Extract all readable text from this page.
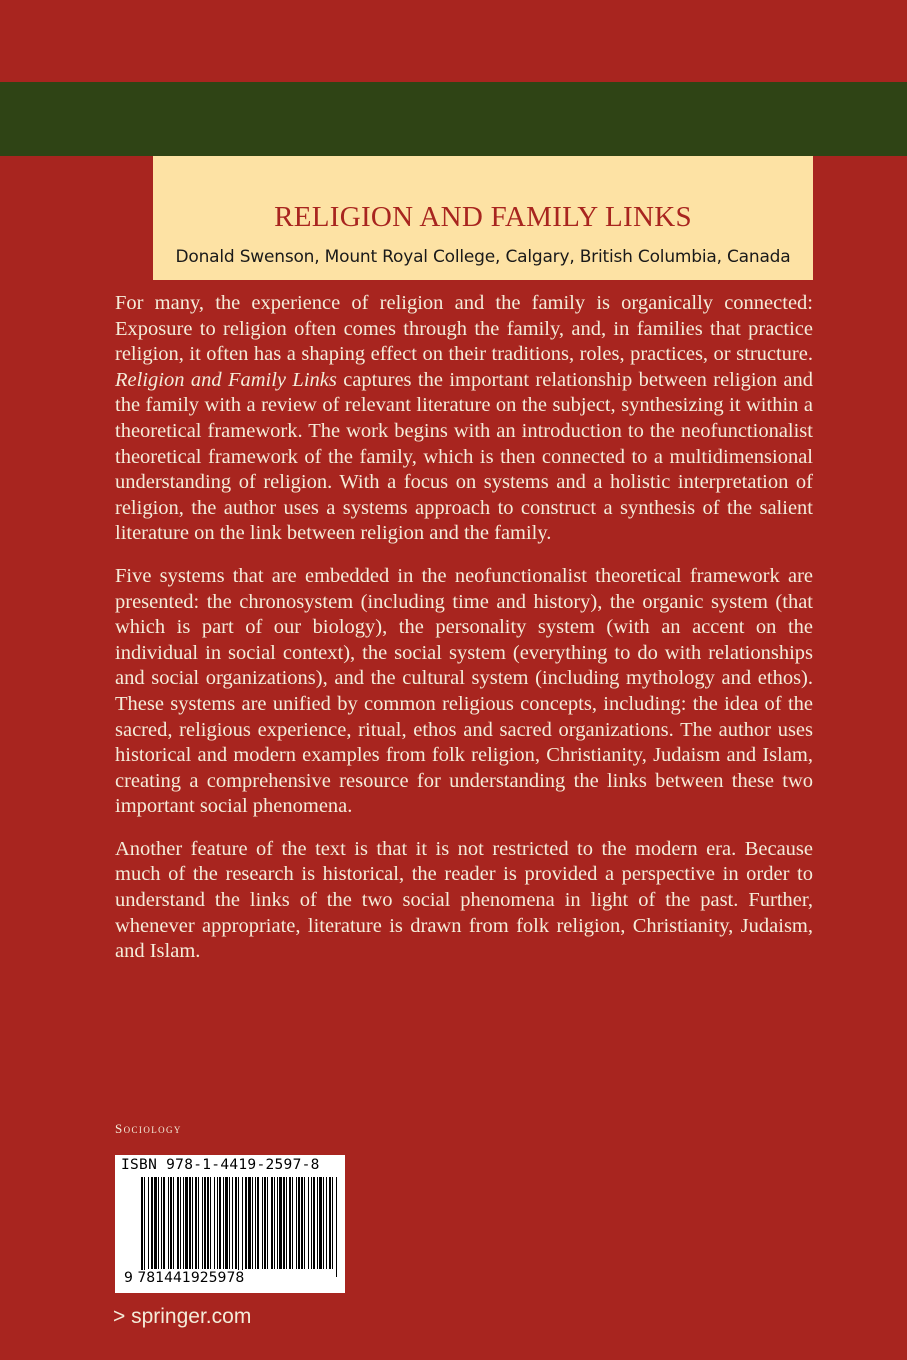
RELIGION AND FAMILY LINKS
Donald Swenson, Mount Royal College, Calgary, British Columbia, Canada

For many, the experience of religion and the family is organically connected: Exposure to religion often comes through the family, and, in families that practice religion, it often has a shaping effect on their traditions, roles, practices, or structure. Religion and Family Links captures the important relationship between religion and the family with a review of relevant literature on the subject, synthesizing it within a theoretical framework. The work begins with an introduction to the neofunctionalist theoretical framework of the family, which is then connected to a multidimensional understanding of religion. With a focus on systems and a holistic interpretation of religion, the author uses a systems approach to construct a synthesis of the salient literature on the link between religion and the family.

Five systems that are embedded in the neofunctionalist theoretical framework are presented: the chronosystem (including time and history), the organic system (that which is part of our biology), the personality system (with an accent on the individual in social context), the social system (everything to do with relationships and social organizations), and the cultural system (including mythology and ethos). These systems are unified by common religious concepts, including: the idea of the sacred, religious experience, ritual, ethos and sacred organizations. The author uses historical and modern examples from folk religion, Christianity, Judaism and Islam, creating a comprehensive resource for understanding the links between these two important social phenomena.

Another feature of the text is that it is not restricted to the modern era. Because much of the research is historical, the reader is provided a perspective in order to understand the links of the two social phenomena in light of the past. Further, whenever appropriate, literature is drawn from folk religion, Christianity, Judaism, and Islam.

Sociology
ISBN 978-1-4419-2597-8
9 781441925978
> springer.com
